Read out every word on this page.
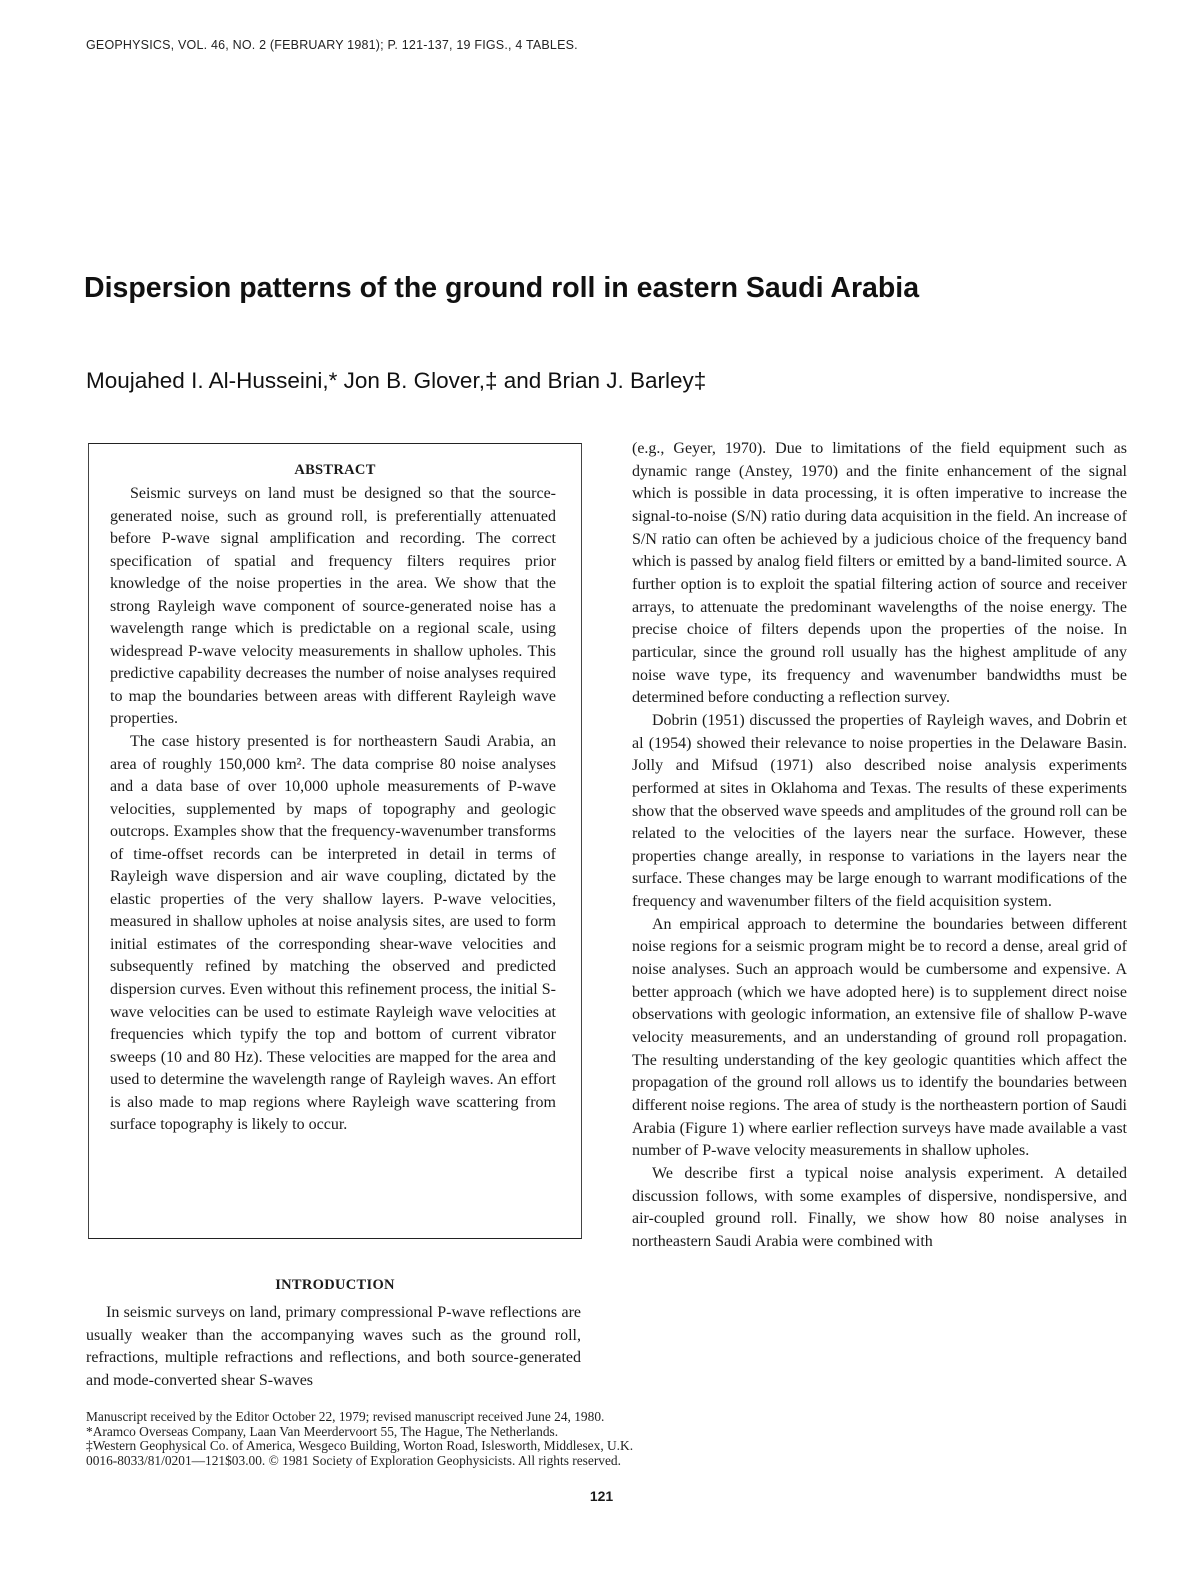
GEOPHYSICS, VOL. 46, NO. 2 (FEBRUARY 1981); P. 121-137, 19 FIGS., 4 TABLES.
Dispersion patterns of the ground roll in eastern Saudi Arabia
Moujahed I. Al-Husseini,* Jon B. Glover,‡ and Brian J. Barley‡
ABSTRACT

Seismic surveys on land must be designed so that the source-generated noise, such as ground roll, is preferentially attenuated before P-wave signal amplification and recording. The correct specification of spatial and frequency filters requires prior knowledge of the noise properties in the area. We show that the strong Rayleigh wave component of source-generated noise has a wavelength range which is predictable on a regional scale, using widespread P-wave velocity measurements in shallow upholes. This predictive capability decreases the number of noise analyses required to map the boundaries between areas with different Rayleigh wave properties.

The case history presented is for northeastern Saudi Arabia, an area of roughly 150,000 km². The data comprise 80 noise analyses and a data base of over 10,000 uphole measurements of P-wave velocities, supplemented by maps of topography and geologic outcrops. Examples show that the frequency-wavenumber transforms of time-offset records can be interpreted in detail in terms of Rayleigh wave dispersion and air wave coupling, dictated by the elastic properties of the very shallow layers. P-wave velocities, measured in shallow upholes at noise analysis sites, are used to form initial estimates of the corresponding shear-wave velocities and subsequently refined by matching the observed and predicted dispersion curves. Even without this refinement process, the initial S-wave velocities can be used to estimate Rayleigh wave velocities at frequencies which typify the top and bottom of current vibrator sweeps (10 and 80 Hz). These velocities are mapped for the area and used to determine the wavelength range of Rayleigh waves. An effort is also made to map regions where Rayleigh wave scattering from surface topography is likely to occur.

INTRODUCTION

In seismic surveys on land, primary compressional P-wave reflections are usually weaker than the accompanying waves such as the ground roll, refractions, multiple refractions and reflections, and both source-generated and mode-converted shear S-waves

(e.g., Geyer, 1970). Due to limitations of the field equipment such as dynamic range (Anstey, 1970) and the finite enhancement of the signal which is possible in data processing, it is often imperative to increase the signal-to-noise (S/N) ratio during data acquisition in the field. An increase of S/N ratio can often be achieved by a judicious choice of the frequency band which is passed by analog field filters or emitted by a band-limited source. A further option is to exploit the spatial filtering action of source and receiver arrays, to attenuate the predominant wavelengths of the noise energy. The precise choice of filters depends upon the properties of the noise. In particular, since the ground roll usually has the highest amplitude of any noise wave type, its frequency and wavenumber bandwidths must be determined before conducting a reflection survey.

Dobrin (1951) discussed the properties of Rayleigh waves, and Dobrin et al (1954) showed their relevance to noise properties in the Delaware Basin. Jolly and Mifsud (1971) also described noise analysis experiments performed at sites in Oklahoma and Texas. The results of these experiments show that the observed wave speeds and amplitudes of the ground roll can be related to the velocities of the layers near the surface. However, these properties change areally, in response to variations in the layers near the surface. These changes may be large enough to warrant modifications of the frequency and wavenumber filters of the field acquisition system.

An empirical approach to determine the boundaries between different noise regions for a seismic program might be to record a dense, areal grid of noise analyses. Such an approach would be cumbersome and expensive. A better approach (which we have adopted here) is to supplement direct noise observations with geologic information, an extensive file of shallow P-wave velocity measurements, and an understanding of ground roll propagation. The resulting understanding of the key geologic quantities which affect the propagation of the ground roll allows us to identify the boundaries between different noise regions. The area of study is the northeastern portion of Saudi Arabia (Figure 1) where earlier reflection surveys have made available a vast number of P-wave velocity measurements in shallow upholes.

We describe first a typical noise analysis experiment. A detailed discussion follows, with some examples of dispersive, nondispersive, and air-coupled ground roll. Finally, we show how 80 noise analyses in northeastern Saudi Arabia were combined with

Manuscript received by the Editor October 22, 1979; revised manuscript received June 24, 1980.
*Aramco Overseas Company, Laan Van Meerdervoort 55, The Hague, The Netherlands.
‡Western Geophysical Co. of America, Wesgeco Building, Worton Road, Islesworth, Middlesex, U.K.
0016-8033/81/0201—121$03.00. © 1981 Society of Exploration Geophysicists. All rights reserved.
121
